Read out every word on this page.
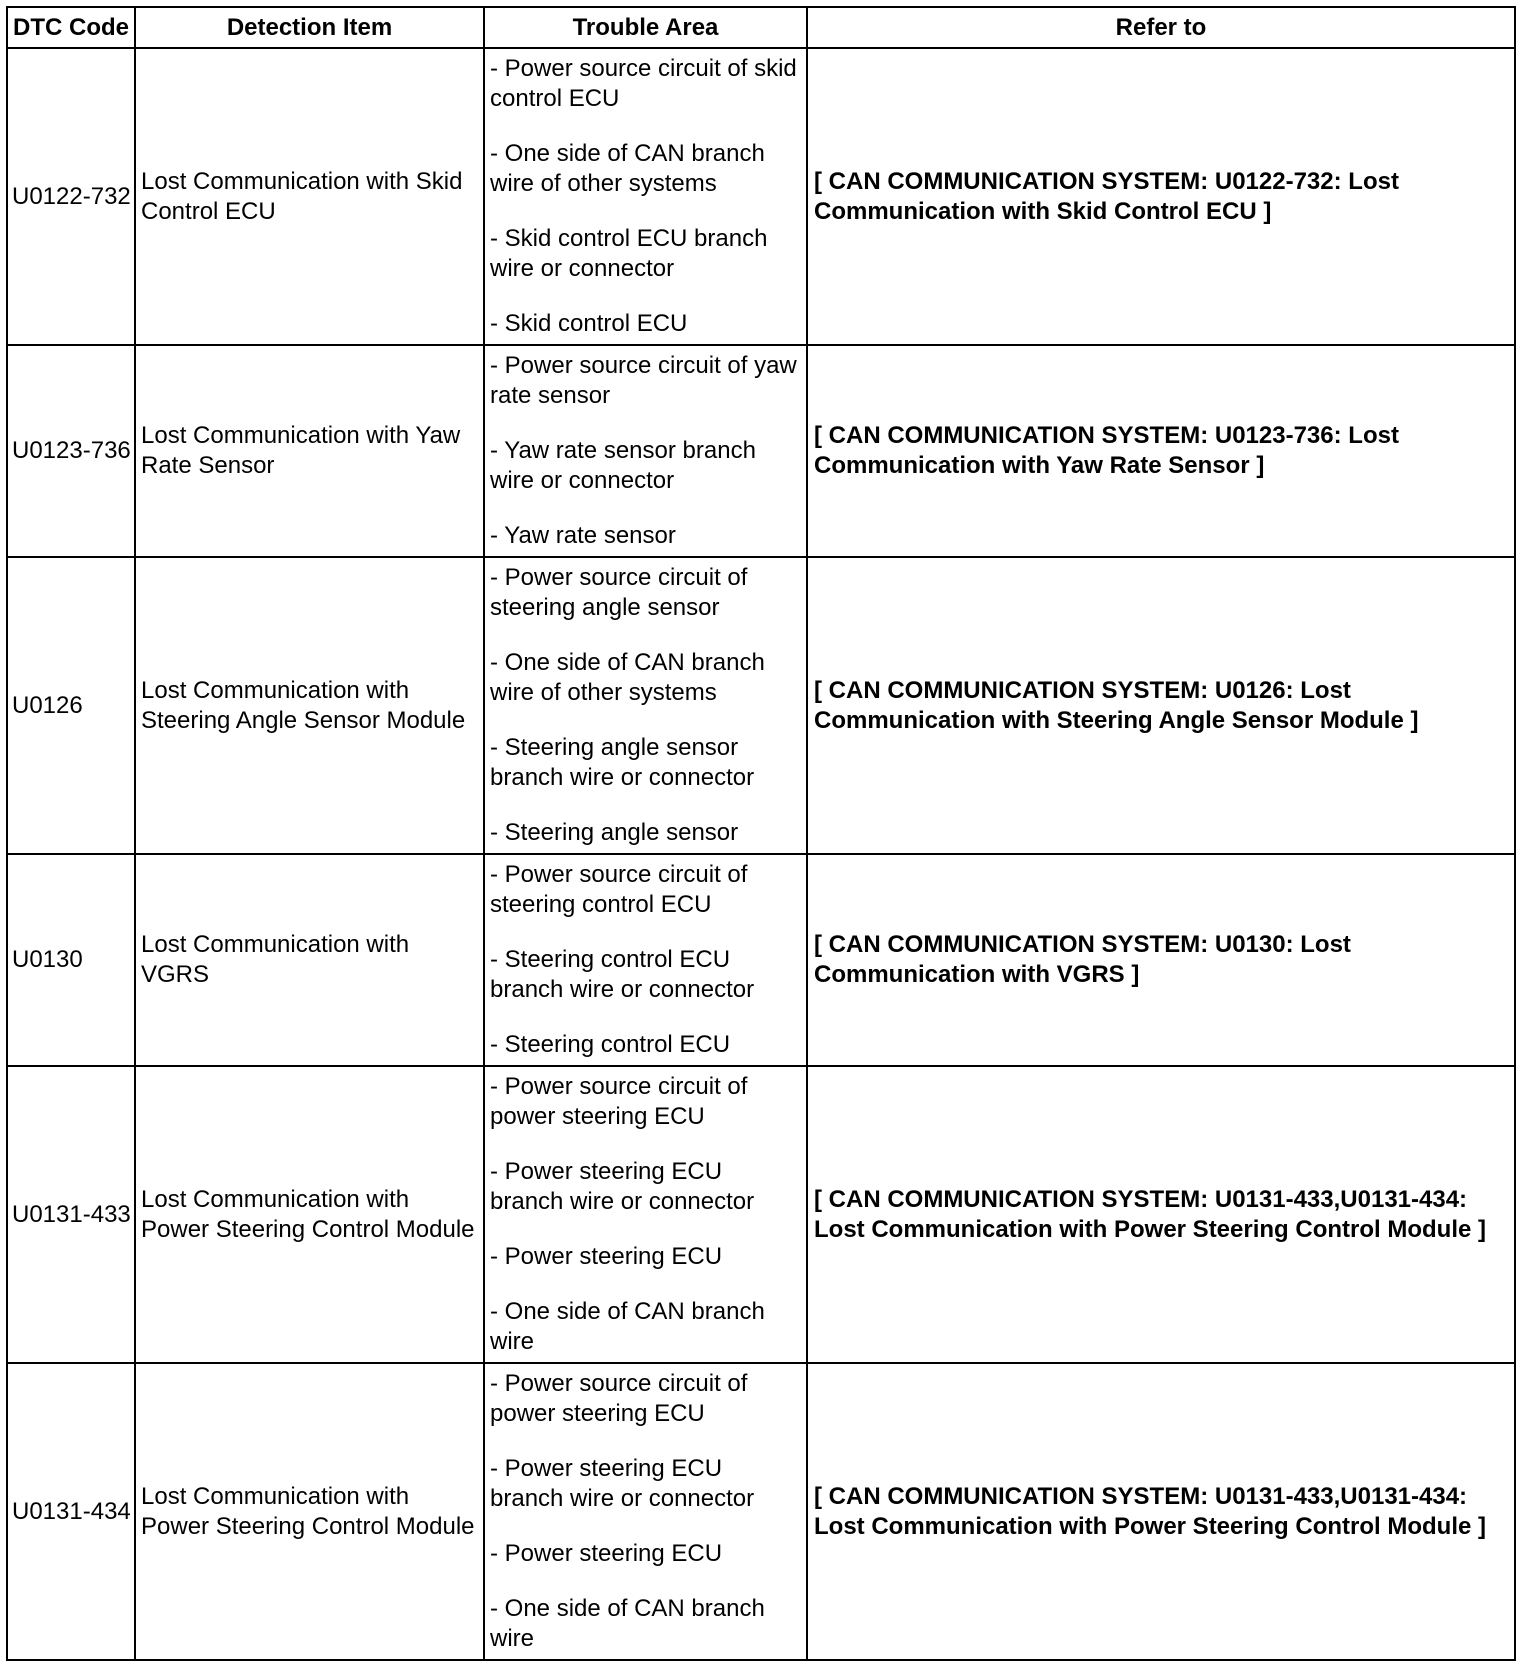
DTC Code	Detection Item	Trouble Area	Refer to
U0122-732	Lost Communication with Skid Control ECU	- Power source circuit of skid control ECU
- One side of CAN branch wire of other systems
- Skid control ECU branch wire or connector
- Skid control ECU	[ CAN COMMUNICATION SYSTEM: U0122-732: Lost Communication with Skid Control ECU ]
U0123-736	Lost Communication with Yaw Rate Sensor	- Power source circuit of yaw rate sensor
- Yaw rate sensor branch wire or connector
- Yaw rate sensor	[ CAN COMMUNICATION SYSTEM: U0123-736: Lost Communication with Yaw Rate Sensor ]
U0126	Lost Communication with Steering Angle Sensor Module	- Power source circuit of steering angle sensor
- One side of CAN branch wire of other systems
- Steering angle sensor branch wire or connector
- Steering angle sensor	[ CAN COMMUNICATION SYSTEM: U0126: Lost Communication with Steering Angle Sensor Module ]
U0130	Lost Communication with VGRS	- Power source circuit of steering control ECU
- Steering control ECU branch wire or connector
- Steering control ECU	[ CAN COMMUNICATION SYSTEM: U0130: Lost Communication with VGRS ]
U0131-433	Lost Communication with Power Steering Control Module	- Power source circuit of power steering ECU
- Power steering ECU branch wire or connector
- Power steering ECU
- One side of CAN branch wire	[ CAN COMMUNICATION SYSTEM: U0131-433,U0131-434: Lost Communication with Power Steering Control Module ]
U0131-434	Lost Communication with Power Steering Control Module	- Power source circuit of power steering ECU
- Power steering ECU branch wire or connector
- Power steering ECU
- One side of CAN branch wire	[ CAN COMMUNICATION SYSTEM: U0131-433,U0131-434: Lost Communication with Power Steering Control Module ]
